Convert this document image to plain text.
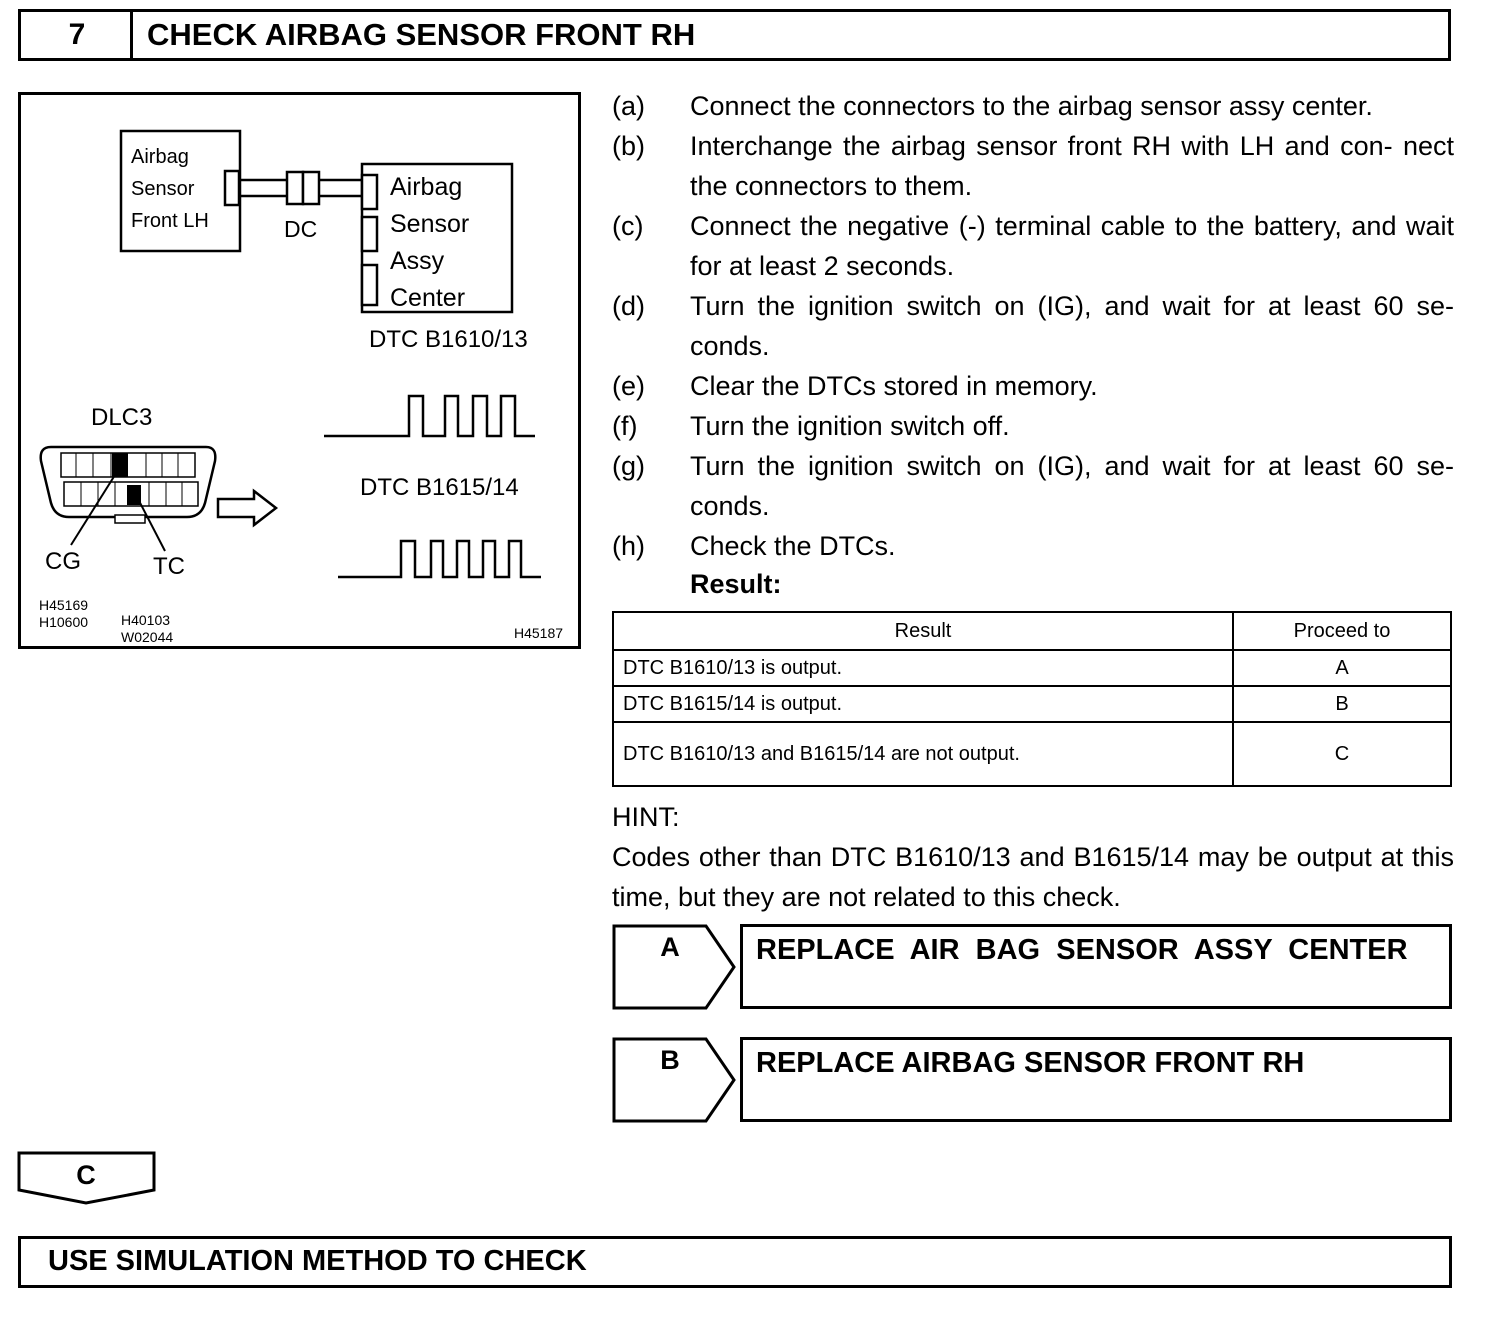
7	CHECK AIRBAG SENSOR FRONT RH
Airbag
Sensor
Front LH	DC
Airbag
Sensor
Assy
Center
DTC B1610/13
DTC B1615/14
DLC3
CG	TC
H45169
H10600 H40103
W02044	H45187
(a)	Connect the connectors to the airbag sensor assy center.
(b)	Interchange the airbag sensor front RH with LH and con- nect the connectors to them.
(c)	Connect the negative (-) terminal cable to the battery, and wait for at least 2 seconds.
(d)	Turn the ignition switch on (IG), and wait for at least 60 se- conds.
(e)	Clear the DTCs stored in memory.
(f)	Turn the ignition switch off.
(g)	Turn the ignition switch on (IG), and wait for at least 60 se- conds.
(h)	Check the DTCs.
Result:
Result	Proceed to
DTC B1610/13 is output.	A
DTC B1615/14 is output.	B
DTC B1610/13 and B1615/14 are not output.	C
HINT:
Codes other than DTC B1610/13 and B1615/14 may be output at this time, but they are not related to this check.
A	REPLACE  AIR  BAG  SENSOR  ASSY  CENTER
B	REPLACE AIRBAG SENSOR FRONT RH
C
USE SIMULATION METHOD TO CHECK
